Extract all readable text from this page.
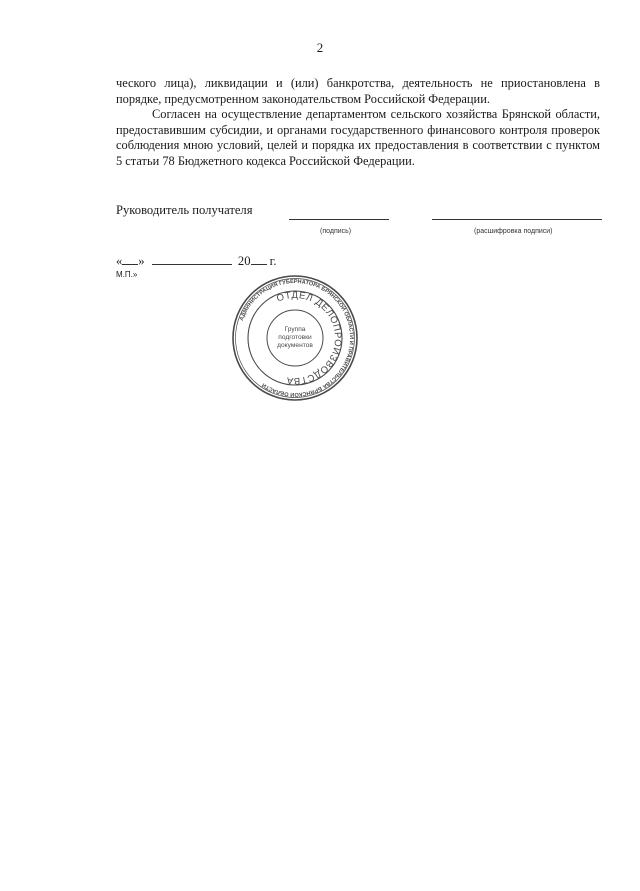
2

ческого лица), ликвидации и (или) банкротства, деятельность не приостановлена в порядке, предусмотренном законодательством Российской Федерации.

Согласен на осуществление департаментом сельского хозяйства Брянской области, предоставившим субсидии, и органами государственного финансового контроля проверок соблюдения мною условий, целей и порядка их предоставления в соответствии с пунктом 5 статьи 78 Бюджетного кодекса Российской Федерации.

Руководитель получателя
(подпись)	(расшифровка подписи)
« »	20 г.
М.П.»
АДМИНИСТРАЦИЯ ГУБЕРНАТОРА БРЯНСКОЙ ОБЛАСТИ И ПРАВИТЕЛЬСТВА БРЯНСКОЙ ОБЛАСТИ
ОТДЕЛ ДЕЛОПРОИЗВОДСТВА
Группа
подготовки
документов
